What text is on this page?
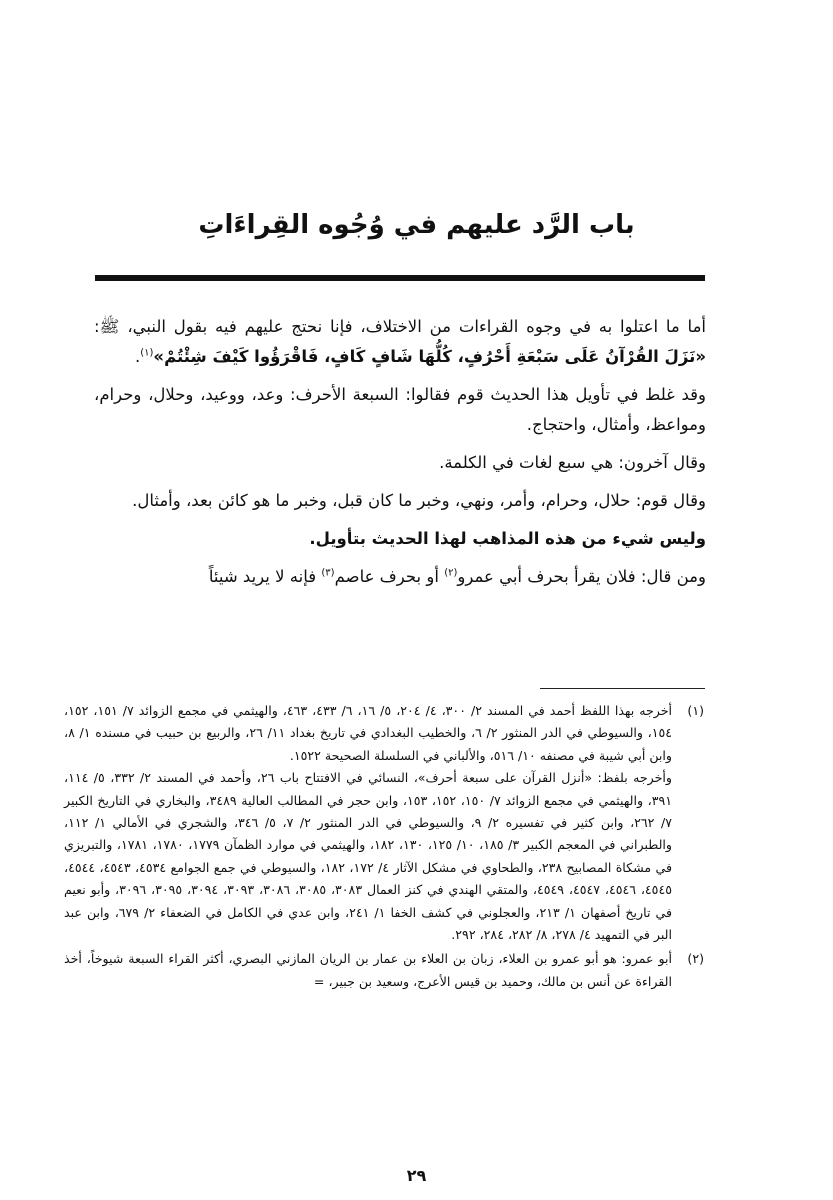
باب الرَّد عليهم في وُجُوه القِراءَاتِ

أما ما اعتلوا به في وجوه القراءات من الاختلاف، فإنا نحتج عليهم فيه بقول النبي، ﷺ: «نَزَلَ القُرْآنُ عَلَى سَبْعَةِ أَحْرُفٍ، كُلُّهَا شَافٍ كَافٍ، فَاقْرَؤُوا كَيْفَ شِئْتُمْ»$^{(١)}$.

وقد غلط في تأويل هذا الحديث قوم فقالوا: السبعة الأحرف: وعد، ووعيد، وحلال، وحرام، ومواعظ، وأمثال، واحتجاج.

وقال آخرون: هي سبع لغات في الكلمة.

وقال قوم: حلال، وحرام، وأمر، ونهي، وخبر ما كان قبل، وخبر ما هو كائن بعد، وأمثال.

وليس شيء من هذه المذاهب لهذا الحديث بتأويل.

ومن قال: فلان يقرأ بحرف أبي عمرو$^{(٢)}$ أو بحرف عاصم$^{(٣)}$ فإنه لا يريد شيئاً

(١)

أخرجه بهذا اللفظ أحمد في المسند ٢/ ٣٠٠، ٤/ ٢٠٤، ٥/ ١٦، ٦/ ٤٣٣، ٤٦٣، والهيثمي في مجمع الزوائد ٧/ ١٥١، ١٥٢، ١٥٤، والسيوطي في الدر المنثور ٢/ ٦، والخطيب البغدادي في تاريخ بغداد ١١/ ٢٦، والربيع بن حبيب في مسنده ١/ ٨، وابن أبي شيبة في مصنفه ١٠/ ٥١٦، والألباني في السلسلة الصحيحة ١٥٢٢.

وأخرجه بلفظ: «أنزل القرآن على سبعة أحرف»، النسائي في الافتتاح باب ٢٦، وأحمد في المسند ٢/ ٣٣٢، ٥/ ١١٤، ٣٩١، والهيثمي في مجمع الزوائد ٧/ ١٥٠، ١٥٢، ١٥٣، وابن حجر في المطالب العالية ٣٤٨٩، والبخاري في التاريخ الكبير ٧/ ٢٦٢، وابن كثير في تفسيره ٢/ ٩، والسيوطي في الدر المنثور ٢/ ٧، ٥/ ٣٤٦، والشجري في الأمالي ١/ ١١٢، والطبراني في المعجم الكبير ٣/ ١٨٥، ١٠/ ١٢٥، ١٣٠، ١٨٢، والهيثمي في موارد الظمآن ١٧٧٩، ١٧٨٠، ١٧٨١، والتبريزي في مشكاة المصابيح ٢٣٨، والطحاوي في مشكل الآثار ٤/ ١٧٢، ١٨٢، والسيوطي في جمع الجوامع ٤٥٣٤، ٤٥٤٣، ٤٥٤٤، ٤٥٤٥، ٤٥٤٦، ٤٥٤٧، ٤٥٤٩، والمتقي الهندي في كنز العمال ٣٠٨٣، ٣٠٨٥، ٣٠٨٦، ٣٠٩٣، ٣٠٩٤، ٣٠٩٥، ٣٠٩٦، وأبو نعيم في تاريخ أصفهان ١/ ٢١٣، والعجلوني في كشف الخفا ١/ ٢٤١، وابن عدي في الكامل في الضعفاء ٢/ ٦٧٩، وابن عبد البر في التمهيد ٤/ ٢٧٨، ٨/ ٢٨٢، ٢٨٤، ٢٩٢.

(٢)

أبو عمرو: هو أبو عمرو بن العلاء، زبان بن العلاء بن عمار بن الريان المازني البصري، أكثر القراء السبعة شيوخاً، أخذ القراءة عن أنس بن مالك، وحميد بن قيس الأعرج، وسعيد بن جبير، =

٢٩
